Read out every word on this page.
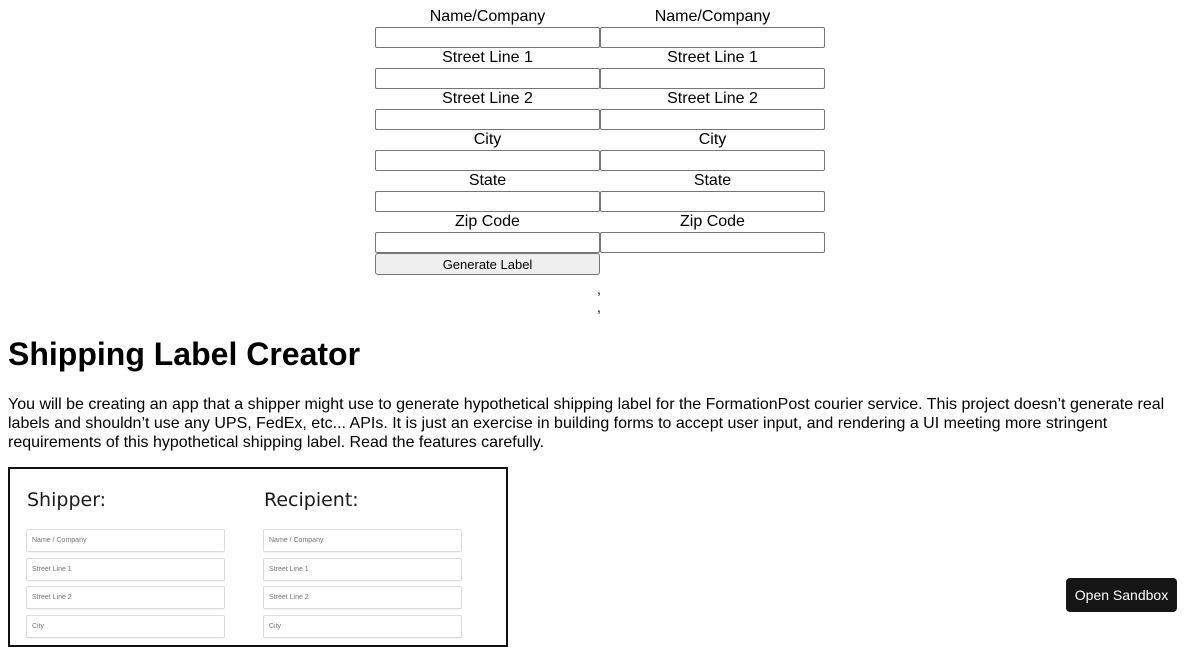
Name/Company
Street Line 1
Street Line 2
City
State
Zip Code
Generate Label
Name/Company
Street Line 1
Street Line 2
City
State
Zip Code
,
,
Shipping Label Creator

You will be creating an app that a shipper might use to generate hypothetical shipping label for the FormationPost courier service. This project doesn’t generate real labels and shouldn’t use any UPS, FedEx, etc... APIs. It is just an exercise in building forms to accept user input, and rendering a UI meeting more stringent requirements of this hypothetical shipping label. Read the features carefully.

Shipper:	Recipient:
Name / Company
Street Line 1
Street Line 2
City
Name / Company
Street Line 1
Street Line 2
City
Open Sandbox
